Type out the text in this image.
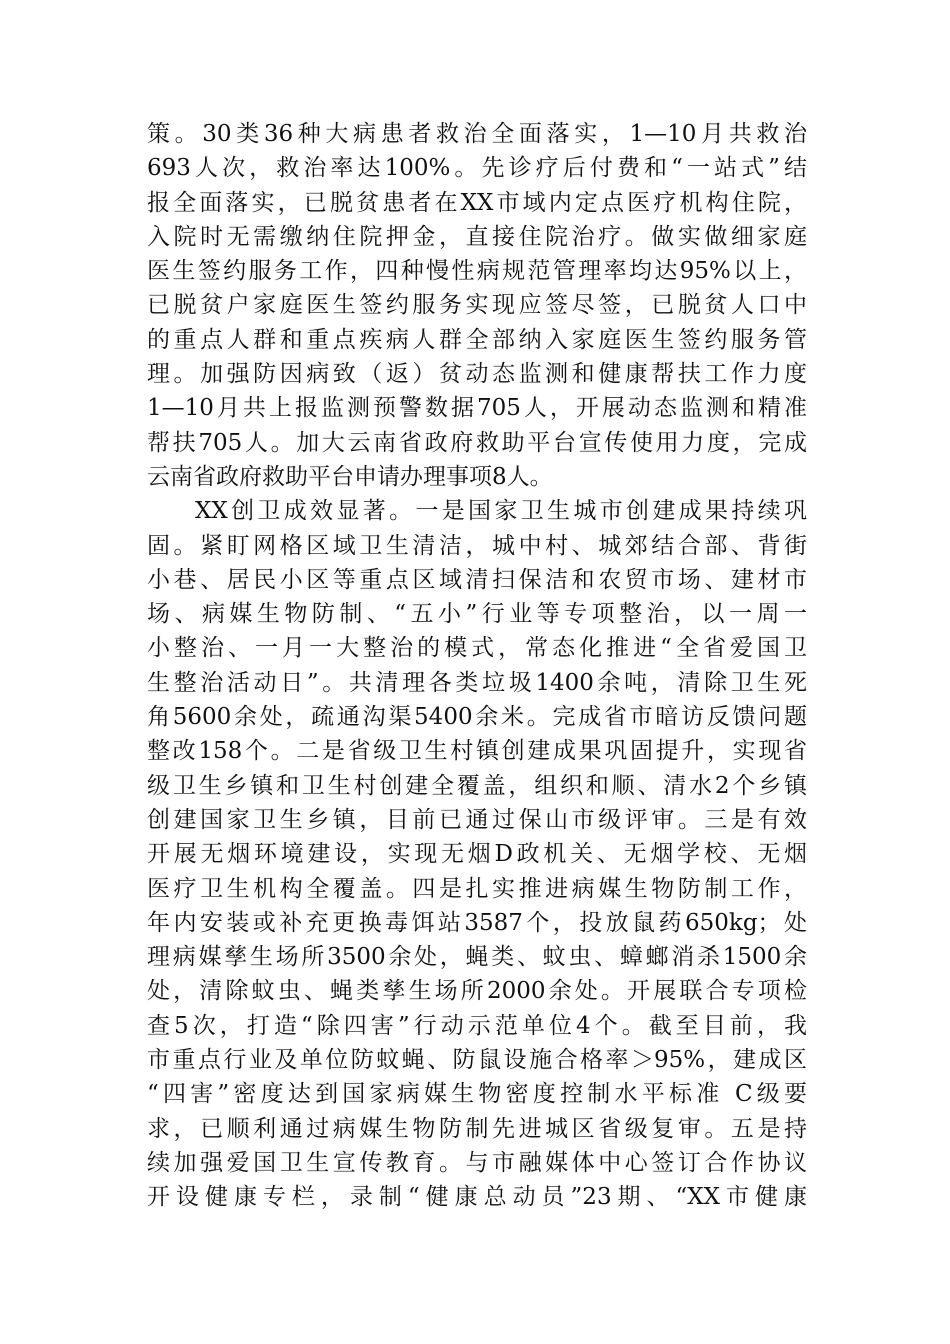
策。30类36种大病患者救治全面落实，1—10月共救治
693人次，救治率达100%。先诊疗后付费和“一站式”结
报全面落实，已脱贫患者在XX市域内定点医疗机构住院，
入院时无需缴纳住院押金，直接住院治疗。做实做细家庭
医生签约服务工作，四种慢性病规范管理率均达95%以上，
已脱贫户家庭医生签约服务实现应签尽签，已脱贫人口中
的重点人群和重点疾病人群全部纳入家庭医生签约服务管
理。加强防因病致（返）贫动态监测和健康帮扶工作力度
1—10月共上报监测预警数据705人，开展动态监测和精准
帮扶705人。加大云南省政府救助平台宣传使用力度，完成
云南省政府救助平台申请办理事项8人。
XX创卫成效显著。一是国家卫生城市创建成果持续巩
固。紧盯网格区域卫生清洁，城中村、城郊结合部、背街
小巷、居民小区等重点区域清扫保洁和农贸市场、建材市
场、病媒生物防制、“五小”行业等专项整治，以一周一
小整治、一月一大整治的模式，常态化推进“全省爱国卫
生整治活动日”。共清理各类垃圾1400余吨，清除卫生死
角5600余处，疏通沟渠5400余米。完成省市暗访反馈问题
整改158个。二是省级卫生村镇创建成果巩固提升，实现省
级卫生乡镇和卫生村创建全覆盖，组织和顺、清水2个乡镇
创建国家卫生乡镇，目前已通过保山市级评审。三是有效
开展无烟环境建设，实现无烟D政机关、无烟学校、无烟
医疗卫生机构全覆盖。四是扎实推进病媒生物防制工作，
年内安装或补充更换毒饵站3587个，投放鼠药650kg；处
理病媒孳生场所3500余处，蝇类、蚊虫、蟑螂消杀1500余
处，清除蚊虫、蝇类孳生场所2000余处。开展联合专项检
查5次，打造“除四害”行动示范单位4个。截至目前，我
市重点行业及单位防蚊蝇、防鼠设施合格率＞95%，建成区
“四害”密度达到国家病媒生物密度控制水平标准 C级要
求，已顺利通过病媒生物防制先进城区省级复审。五是持
续加强爱国卫生宣传教育。与市融媒体中心签订合作协议
开设健康专栏，录制“健康总动员”23期、“XX市健康
